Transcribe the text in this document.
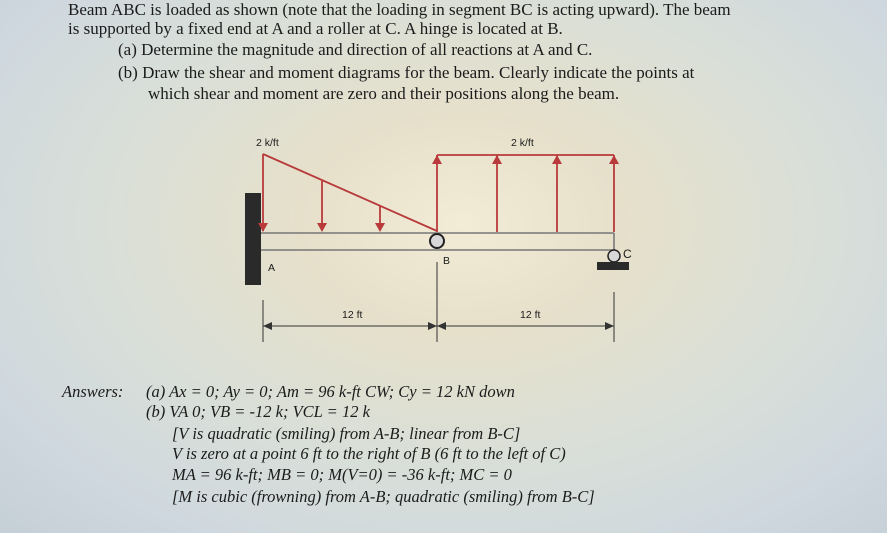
Beam ABC is loaded as shown (note that the loading in segment BC is acting upward). The beam
is supported by a fixed end at A and a roller at C. A hinge is located at B.
(a) Determine the magnitude and direction of all reactions at A and C.
(b) Draw the shear and moment diagrams for the beam. Clearly indicate the points at
which shear and moment are zero and their positions along the beam.
2 k/ft	2 k/ft
A
B	C
12 ft	12 ft
Answers: (a) Ax = 0; Ay = 0; Am = 96 k-ft CW; Cy = 12 kN down
(b) VA 0; VB = -12 k; VCL = 12 k
[V is quadratic (smiling) from A-B; linear from B-C]
V is zero at a point 6 ft to the right of B (6 ft to the left of C)
MA = 96 k-ft; MB = 0; M(V=0) = -36 k-ft; MC = 0
[M is cubic (frowning) from A-B; quadratic (smiling) from B-C]
